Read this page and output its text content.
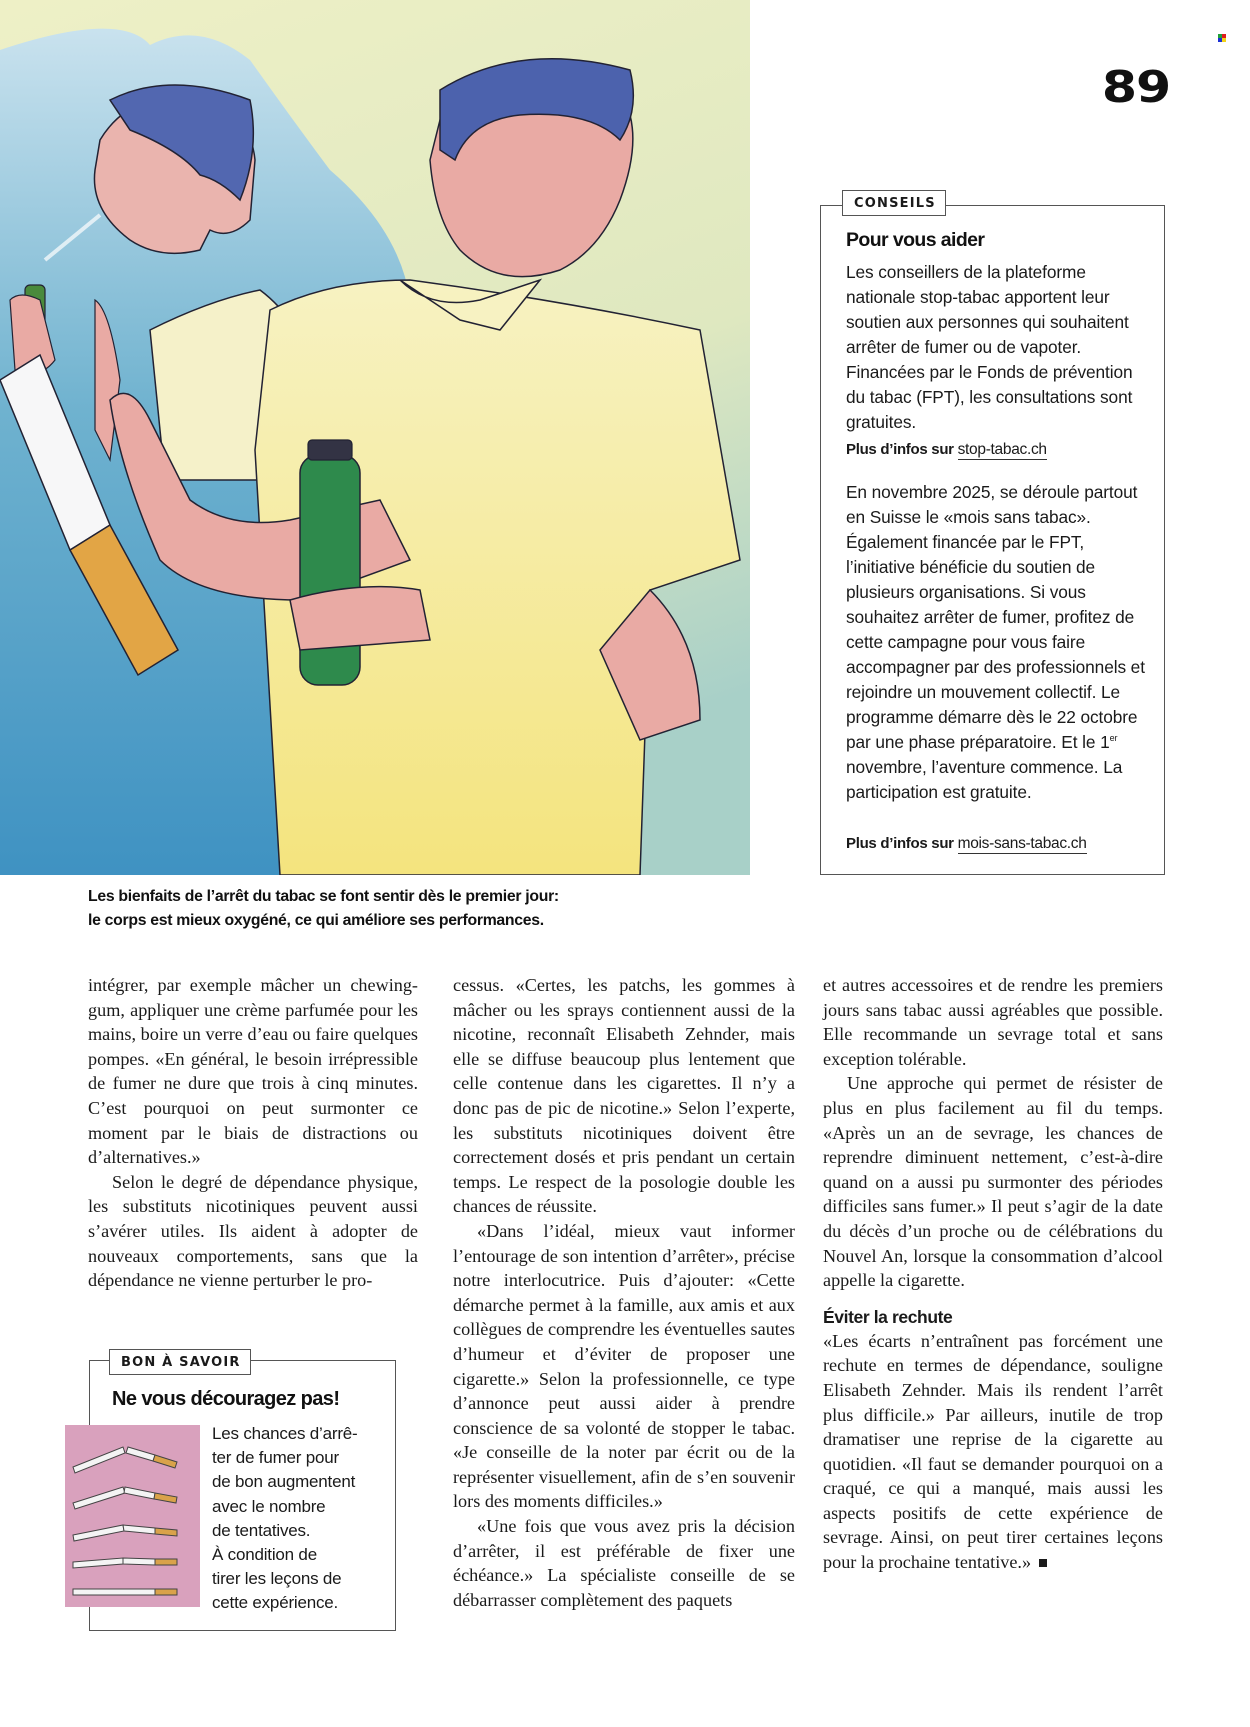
89
CONSEILS
Pour vous aider
Les conseillers de la plateforme nationale stop-tabac apportent leur soutien aux personnes qui souhaitent arrêter de fumer ou de vapoter. Financées par le Fonds de prévention du tabac (FPT), les consultations sont gratuites.
Plus d’infos sur stop-tabac.ch
En novembre 2025, se déroule partout en Suisse le «mois sans tabac». Également financée par le FPT, l’initiative bénéficie du soutien de plusieurs organisations. Si vous souhaitez arrêter de fumer, profitez de cette campagne pour vous faire accompagner par des professionnels et rejoindre un mouvement collectif. Le programme démarre dès le 22 octobre par une phase préparatoire. Et le 1er novembre, l’aventure commence. La participation est gratuite.
Plus d’infos sur mois-sans-tabac.ch
Les bienfaits de l’arrêt du tabac se font sentir dès le premier jour:
le corps est mieux oxygéné, ce qui améliore ses performances.

intégrer, par exemple mâcher un chewing-gum, appliquer une crème parfumée pour les mains, boire un verre d’eau ou faire quelques pompes. «En général, le besoin irrépressible de fumer ne dure que trois à cinq minutes. C’est pourquoi on peut surmonter ce moment par le biais de distractions ou d’alternatives.»

Selon le degré de dépendance physique, les substituts nicotiniques peuvent aussi s’avérer utiles. Ils aident à adopter de nouveaux comportements, sans que la dépendance ne vienne perturber le pro-

cessus. «Certes, les patchs, les gommes à mâcher ou les sprays contiennent aussi de la nicotine, reconnaît Elisabeth Zehnder, mais elle se diffuse beaucoup plus lentement que celle contenue dans les cigarettes. Il n’y a donc pas de pic de nicotine.» Selon l’experte, les substituts nicotiniques doivent être correctement dosés et pris pendant un certain temps. Le respect de la posologie double les chances de réussite.

«Dans l’idéal, mieux vaut informer l’entourage de son intention d’arrêter», précise notre interlocutrice. Puis d’ajouter: «Cette démarche permet à la famille, aux amis et aux collègues de comprendre les éventuelles sautes d’humeur et d’éviter de proposer une cigarette.» Selon la professionnelle, ce type d’annonce peut aussi aider à prendre conscience de sa volonté de stopper le tabac. «Je conseille de la noter par écrit ou de la représenter visuellement, afin de s’en souvenir lors des moments difficiles.»

«Une fois que vous avez pris la décision d’arrêter, il est préférable de fixer une échéance.» La spécialiste conseille de se débarrasser complètement des paquets

et autres accessoires et de rendre les premiers jours sans tabac aussi agréables que possible. Elle recommande un sevrage total et sans exception tolérable.

Une approche qui permet de résister de plus en plus facilement au fil du temps. «Après un an de sevrage, les chances de reprendre diminuent nettement, c’est-à-dire quand on a aussi pu surmonter des périodes difficiles sans fumer.» Il peut s’agir de la date du décès d’un proche ou de célébrations du Nouvel An, lorsque la consommation d’alcool appelle la cigarette.

Éviter la rechute

«Les écarts n’entraînent pas forcément une rechute en termes de dépendance, souligne Elisabeth Zehnder. Mais ils rendent l’arrêt plus difficile.» Par ailleurs, inutile de trop dramatiser une reprise de la cigarette au quotidien. «Il faut se demander pourquoi on a craqué, ce qui a manqué, mais aussi les aspects positifs de cette expérience de sevrage. Ainsi, on peut tirer certaines leçons pour la prochaine tentative.»

BON À SAVOIR
Ne vous découragez pas!
Les chances d’arrê-
ter de fumer pour
de bon augmentent
avec le nombre
de tentatives.
À condition de
tirer les leçons de
cette expérience.
